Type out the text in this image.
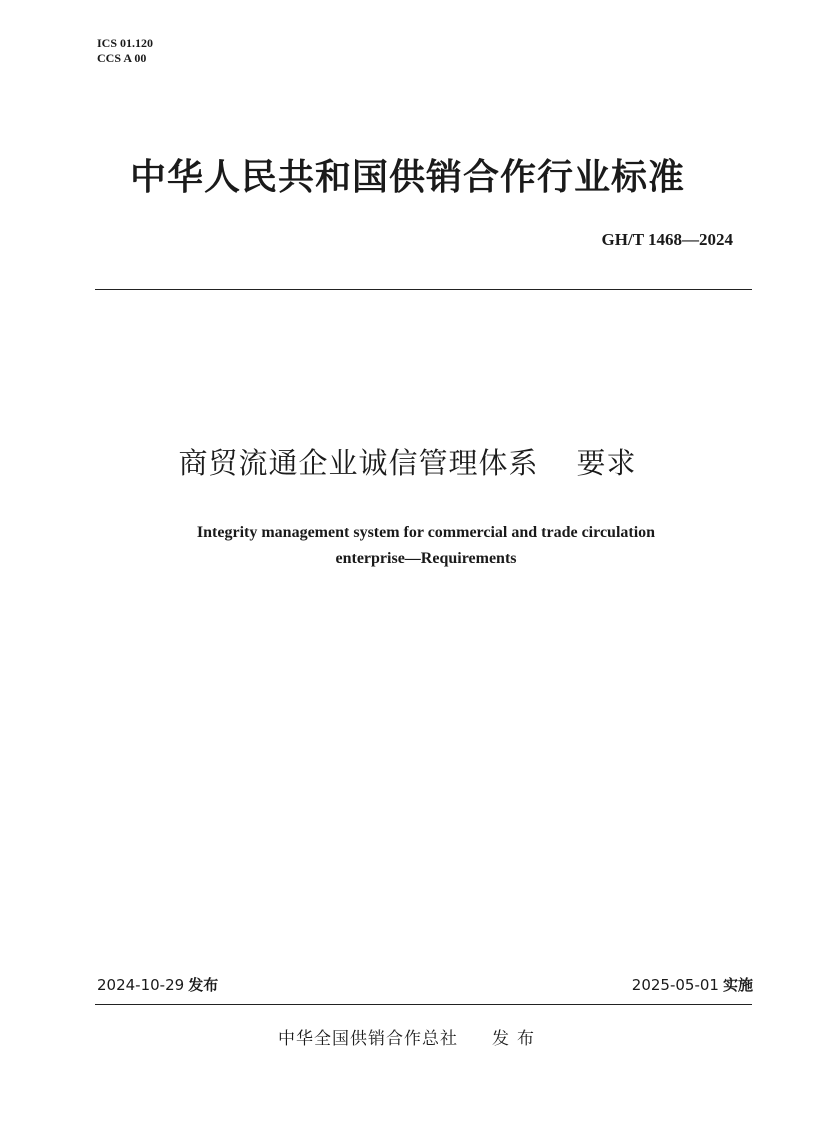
ICS 01.120
CCS A 00
中华人民共和国供销合作行业标准
GH/T 1468—2024
商贸流通企业诚信管理体系 要求
Integrity management system for commercial and trade circulation
enterprise—Requirements
2024-10-29 发布	2025-05-01 实施
中华全国供销合作总社 发布
